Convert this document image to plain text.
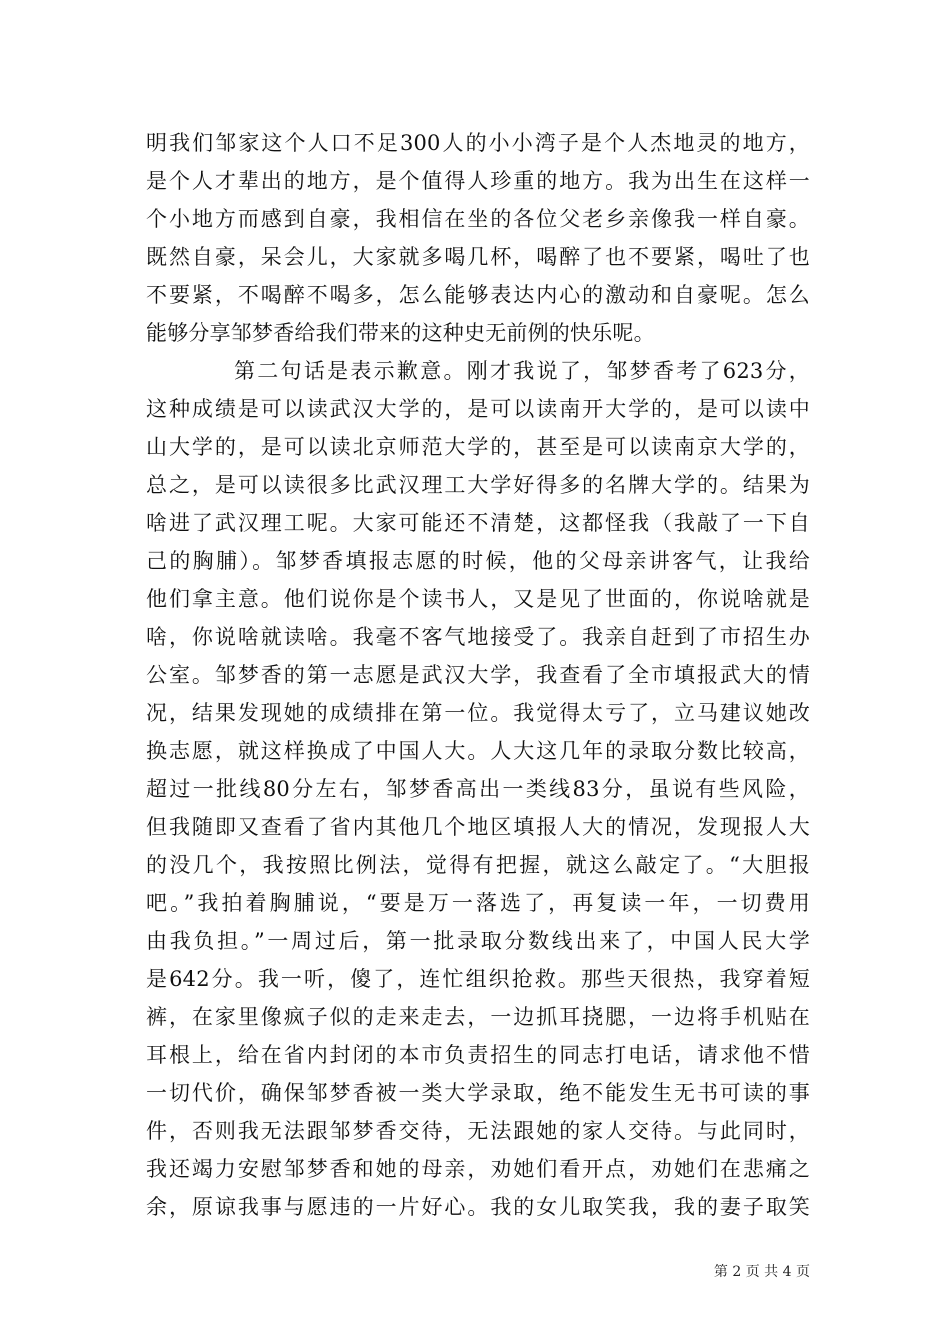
明我们邹家这个人口不足300人的小小湾子是个人杰地灵的地方，
是个人才辈出的地方，是个值得人珍重的地方。我为出生在这样一
个小地方而感到自豪，我相信在坐的各位父老乡亲像我一样自豪。
既然自豪，呆会儿，大家就多喝几杯，喝醉了也不要紧，喝吐了也
不要紧，不喝醉不喝多，怎么能够表达内心的激动和自豪呢。怎么
能够分享邹梦香给我们带来的这种史无前例的快乐呢。
第二句话是表示歉意。刚才我说了，邹梦香考了623分，
这种成绩是可以读武汉大学的，是可以读南开大学的，是可以读中
山大学的，是可以读北京师范大学的，甚至是可以读南京大学的，
总之，是可以读很多比武汉理工大学好得多的名牌大学的。结果为
啥进了武汉理工呢。大家可能还不清楚，这都怪我（我敲了一下自
己的胸脯）。邹梦香填报志愿的时候，他的父母亲讲客气，让我给
他们拿主意。他们说你是个读书人，又是见了世面的，你说啥就是
啥，你说啥就读啥。我毫不客气地接受了。我亲自赶到了市招生办
公室。邹梦香的第一志愿是武汉大学，我查看了全市填报武大的情
况，结果发现她的成绩排在第一位。我觉得太亏了，立马建议她改
换志愿，就这样换成了中国人大。人大这几年的录取分数比较高，
超过一批线80分左右，邹梦香高出一类线83分，虽说有些风险，
但我随即又查看了省内其他几个地区填报人大的情况，发现报人大
的没几个，我按照比例法，觉得有把握，就这么敲定了。“大胆报
吧。”我拍着胸脯说，“要是万一落选了，再复读一年，一切费用
由我负担。”一周过后，第一批录取分数线出来了，中国人民大学
是642分。我一听，傻了，连忙组织抢救。那些天很热，我穿着短
裤，在家里像疯子似的走来走去，一边抓耳挠腮，一边将手机贴在
耳根上，给在省内封闭的本市负责招生的同志打电话，请求他不惜
一切代价，确保邹梦香被一类大学录取，绝不能发生无书可读的事
件，否则我无法跟邹梦香交待，无法跟她的家人交待。与此同时，
我还竭力安慰邹梦香和她的母亲，劝她们看开点，劝她们在悲痛之
余，原谅我事与愿违的一片好心。我的女儿取笑我，我的妻子取笑
第 2 页 共 4 页
